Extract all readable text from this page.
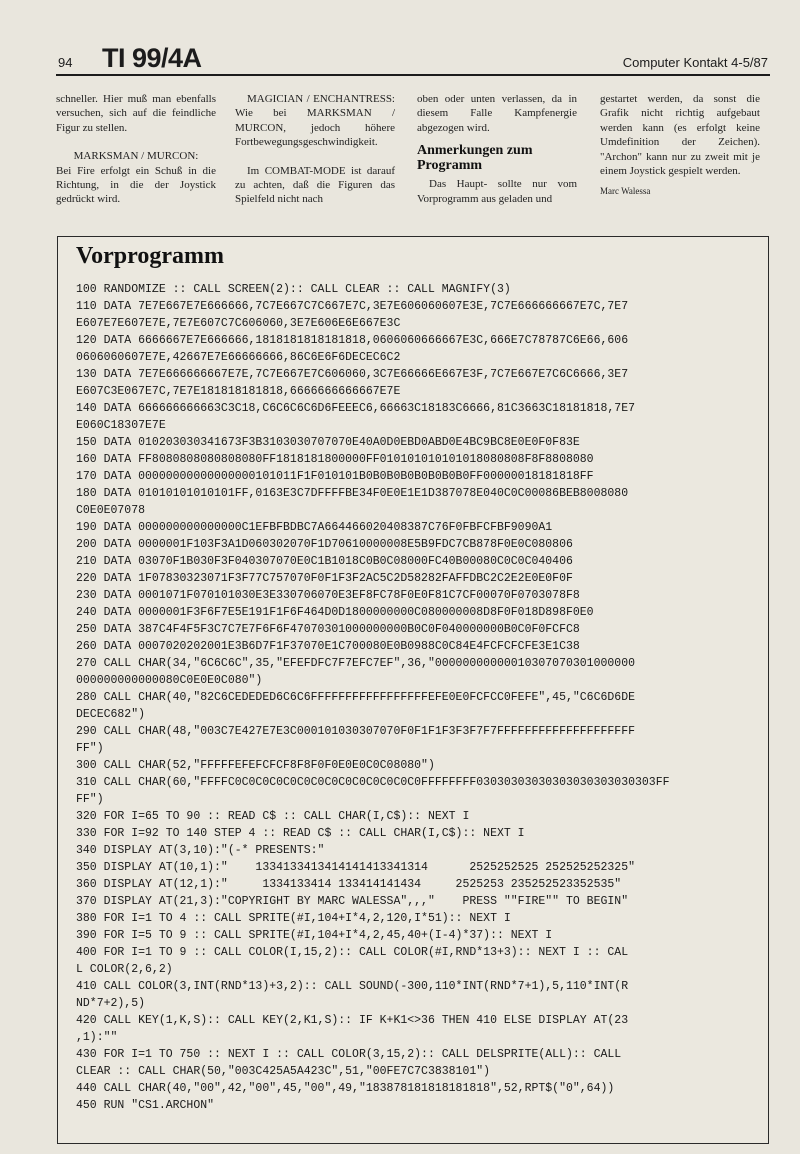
94 TI 99/4A	Computer Kontakt 4-5/87

schneller. Hier muß man ebenfalls versuchen, sich auf die feindliche Figur zu stellen.

MARKSMAN / MURCON:

Bei Fire erfolgt ein Schuß in die Richtung, in die der Joystick gedrückt wird.

MAGICIAN / ENCHANTRESS: Wie bei MARKSMAN / MURCON, jedoch höhere Fortbewegungsgeschwindigkeit.

Im COMBAT-MODE ist darauf zu achten, daß die Figuren das Spielfeld nicht nach

oben oder unten verlassen, da in diesem Falle Kampfenergie abgezogen wird.

Anmerkungen zum Programm

Das Haupt- sollte nur vom Vorprogramm aus geladen und

gestartet werden, da sonst die Grafik nicht richtig aufgebaut werden kann (es erfolgt keine Umdefinition der Zeichen). "Archon" kann nur zu zweit mit je einem Joystick gespielt werden.

Marc Walessa

Vorprogramm
100 RANDOMIZE :: CALL SCREEN(2):: CALL CLEAR :: CALL MAGNIFY(3)
110 DATA 7E7E667E7E666666,7C7E667C7C667E7C,3E7E606060607E3E,7C7E666666667E7C,7E7
E607E7E607E7E,7E7E607C7C606060,3E7E606E6E667E3C
120 DATA 6666667E7E666666,1818181818181818,0606060666667E3C,666E7C78787C6E66,606
0606060607E7E,42667E7E66666666,86C6E6F6DECEC6C2
130 DATA 7E7E666666667E7E,7C7E667E7C606060,3C7E66666E667E3F,7C7E667E7C6C6666,3E7
E607C3E067E7C,7E7E181818181818,6666666666667E7E
140 DATA 666666666663C3C18,C6C6C6C6D6FEEEC6,66663C18183C6666,81C3663C18181818,7E7
E060C18307E7E
150 DATA 010203030341673F3B3103030707070E40A0D0EBD0ABD0E4BC9BC8E0E0F0F83E
160 DATA FF8080808080808080FF1818181800000FF010101010101018080808F8F8808080
170 DATA 00000000000000000101011F1F010101B0B0B0B0B0B0B0B0FF00000018181818FF
180 DATA 01010101010101FF,0163E3C7DFFFFBE34F0E0E1E1D387078E040C0C00086BEB8008080
C0E0E07078
190 DATA 000000000000000C1EFBFBDBC7A664466020408387C76F0FBFCFBF9090A1
200 DATA 0000001F103F3A1D060302070F1D70610000008E5B9FDC7CB878F0E0C080806
210 DATA 03070F1B030F3F040307070E0C1B1018C0B0C08000FC40B00080C0C0C040406
220 DATA 1F07830323071F3F77C757070F0F1F3F2AC5C2D58282FAFFDBC2C2E2E0E0F0F
230 DATA 0001071F070101030E3E330706070E3EF8FC78F0E0F81C7CF00070F0703078F8
240 DATA 0000001F3F6F7E5E191F1F6F464D0D1800000000C080000008D8F0F018D898F0E0
250 DATA 387C4F4F5F3C7C7E7F6F6F47070301000000000B0C0F040000000B0C0F0FCFC8
260 DATA 0007020202001E3B6D7F1F37070E1C700080E0B0988C0C84E4FCFCFCFE3E1C38
270 CALL CHAR(34,"6C6C6C",35,"EFEFDFC7F7EFC7EF",36,"00000000000010307070301000000
000000000000080C0E0E0C080")
280 CALL CHAR(40,"82C6CEDEDED6C6C6FFFFFFFFFFFFFFFFFEFE0E0FCFCC0FEFE",45,"C6C6D6DE
DECEC682")
290 CALL CHAR(48,"003C7E427E7E3C000101030307070F0F1F1F3F3F7F7FFFFFFFFFFFFFFFFFFFF
FF")
300 CALL CHAR(52,"FFFFFEFEFCFCF8F8F0F0E0E0C0C08080")
310 CALL CHAR(60,"FFFFC0C0C0C0C0C0C0C0C0C0C0C0C0C0FFFFFFFF03030303030303030303030303FF
FF")
320 FOR I=65 TO 90 :: READ C$ :: CALL CHAR(I,C$):: NEXT I
330 FOR I=92 TO 140 STEP 4 :: READ C$ :: CALL CHAR(I,C$):: NEXT I
340 DISPLAY AT(3,10):"(-* PRESENTS:"
350 DISPLAY AT(10,1):"    1334133413414141413341314      2525252525 252525252325"
360 DISPLAY AT(12,1):"     1334133414 133414141434     2525253 235252523352535"
370 DISPLAY AT(21,3):"COPYRIGHT BY MARC WALESSA",,,"    PRESS ""FIRE"" TO BEGIN"
380 FOR I=1 TO 4 :: CALL SPRITE(#I,104+I*4,2,120,I*51):: NEXT I
390 FOR I=5 TO 9 :: CALL SPRITE(#I,104+I*4,2,45,40+(I-4)*37):: NEXT I
400 FOR I=1 TO 9 :: CALL COLOR(I,15,2):: CALL COLOR(#I,RND*13+3):: NEXT I :: CAL
L COLOR(2,6,2)
410 CALL COLOR(3,INT(RND*13)+3,2):: CALL SOUND(-300,110*INT(RND*7+1),5,110*INT(R
ND*7+2),5)
420 CALL KEY(1,K,S):: CALL KEY(2,K1,S):: IF K+K1<>36 THEN 410 ELSE DISPLAY AT(23
,1):""
430 FOR I=1 TO 750 :: NEXT I :: CALL COLOR(3,15,2):: CALL DELSPRITE(ALL):: CALL
CLEAR :: CALL CHAR(50,"003C425A5A423C",51,"00FE7C7C3838101")
440 CALL CHAR(40,"00",42,"00",45,"00",49,"183878181818181818",52,RPT$("0",64))
450 RUN "CS1.ARCHON"
